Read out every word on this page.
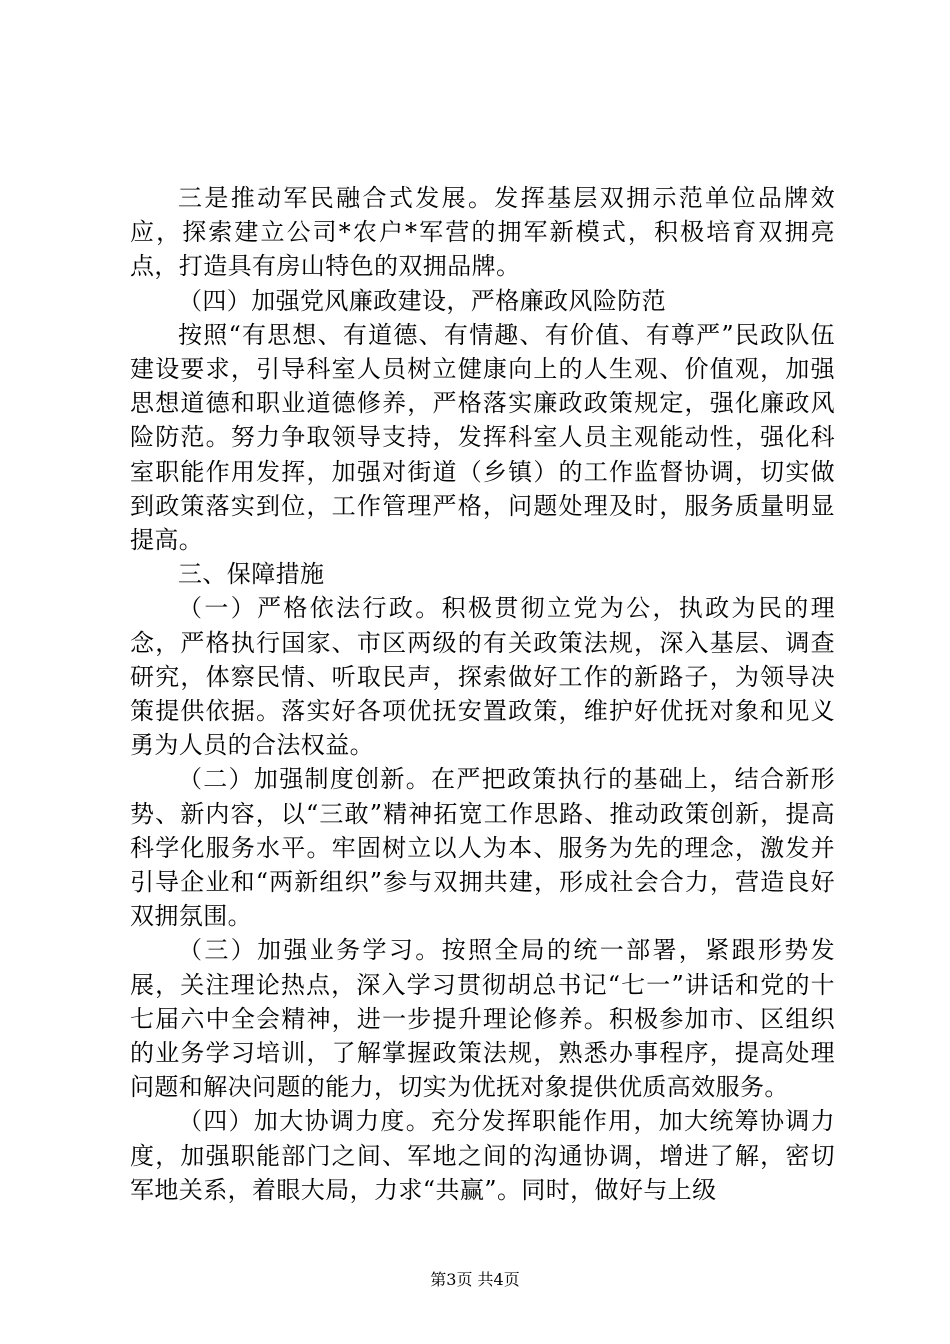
三是推动军民融合式发展。发挥基层双拥示范单位品牌效应，探索建立公司*农户*军营的拥军新模式，积极培育双拥亮点，打造具有房山特色的双拥品牌。

（四）加强党风廉政建设，严格廉政风险防范

按照“有思想、有道德、有情趣、有价值、有尊严”民政队伍建设要求，引导科室人员树立健康向上的人生观、价值观，加强思想道德和职业道德修养，严格落实廉政政策规定，强化廉政风险防范。努力争取领导支持，发挥科室人员主观能动性，强化科室职能作用发挥，加强对街道（乡镇）的工作监督协调，切实做到政策落实到位，工作管理严格，问题处理及时，服务质量明显提高。

三、保障措施

（一）严格依法行政。积极贯彻立党为公，执政为民的理念，严格执行国家、市区两级的有关政策法规，深入基层、调查研究，体察民情、听取民声，探索做好工作的新路子，为领导决策提供依据。落实好各项优抚安置政策，维护好优抚对象和见义勇为人员的合法权益。

（二）加强制度创新。在严把政策执行的基础上，结合新形势、新内容，以“三敢”精神拓宽工作思路、推动政策创新，提高科学化服务水平。牢固树立以人为本、服务为先的理念，激发并引导企业和“两新组织”参与双拥共建，形成社会合力，营造良好双拥氛围。

（三）加强业务学习。按照全局的统一部署，紧跟形势发展，关注理论热点，深入学习贯彻胡总书记“七一”讲话和党的十七届六中全会精神，进一步提升理论修养。积极参加市、区组织的业务学习培训，了解掌握政策法规，熟悉办事程序，提高处理问题和解决问题的能力，切实为优抚对象提供优质高效服务。

（四）加大协调力度。充分发挥职能作用，加大统筹协调力度，加强职能部门之间、军地之间的沟通协调，增进了解，密切军地关系，着眼大局，力求“共赢”。同时，做好与上级

第3页 共4页
